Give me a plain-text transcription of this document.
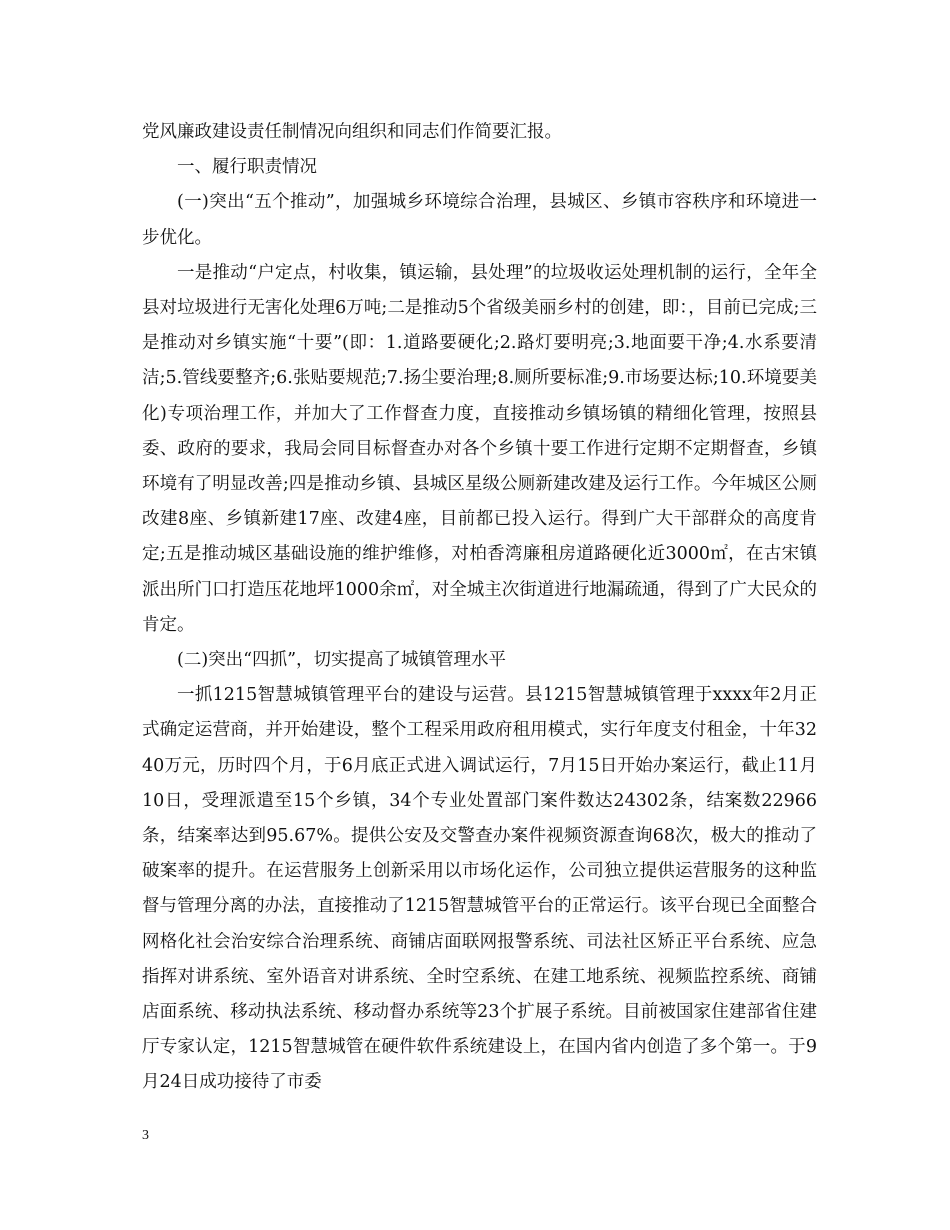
党风廉政建设责任制情况向组织和同志们作简要汇报。

一、履行职责情况

(一)突出“五个推动”，加强城乡环境综合治理，县城区、乡镇市容秩序和环境进一步优化。

一是推动“户定点，村收集，镇运输，县处理”的垃圾收运处理机制的运行，全年全县对垃圾进行无害化处理6万吨;二是推动5个省级美丽乡村的创建，即：，目前已完成;三是推动对乡镇实施“十要”(即：1.道路要硬化;2.路灯要明亮;3.地面要干净;4.水系要清洁;5.管线要整齐;6.张贴要规范;7.扬尘要治理;8.厕所要标准;9.市场要达标;10.环境要美化)专项治理工作，并加大了工作督查力度，直接推动乡镇场镇的精细化管理，按照县委、政府的要求，我局会同目标督查办对各个乡镇十要工作进行定期不定期督查，乡镇环境有了明显改善;四是推动乡镇、县城区星级公厕新建改建及运行工作。今年城区公厕改建8座、乡镇新建17座、改建4座，目前都已投入运行。得到广大干部群众的高度肯定;五是推动城区基础设施的维护维修，对柏香湾廉租房道路硬化近3000㎡，在古宋镇派出所门口打造压花地坪1000余㎡，对全城主次街道进行地漏疏通，得到了广大民众的肯定。

(二)突出“四抓”，切实提高了城镇管理水平

一抓1215智慧城镇管理平台的建设与运营。县1215智慧城镇管理于xxxx年2月正式确定运营商，并开始建设，整个工程采用政府租用模式，实行年度支付租金，十年3240万元，历时四个月，于6月底正式进入调试运行，7月15日开始办案运行，截止11月10日，受理派遣至15个乡镇，34个专业处置部门案件数达24302条，结案数22966条，结案率达到95.67%。提供公安及交警查办案件视频资源查询68次，极大的推动了破案率的提升。在运营服务上创新采用以市场化运作，公司独立提供运营服务的这种监督与管理分离的办法，直接推动了1215智慧城管平台的正常运行。该平台现已全面整合网格化社会治安综合治理系统、商铺店面联网报警系统、司法社区矫正平台系统、应急指挥对讲系统、室外语音对讲系统、全时空系统、在建工地系统、视频监控系统、商铺店面系统、移动执法系统、移动督办系统等23个扩展子系统。目前被国家住建部省住建厅专家认定，1215智慧城管在硬件软件系统建设上，在国内省内创造了多个第一。于9月24日成功接待了市委

3
